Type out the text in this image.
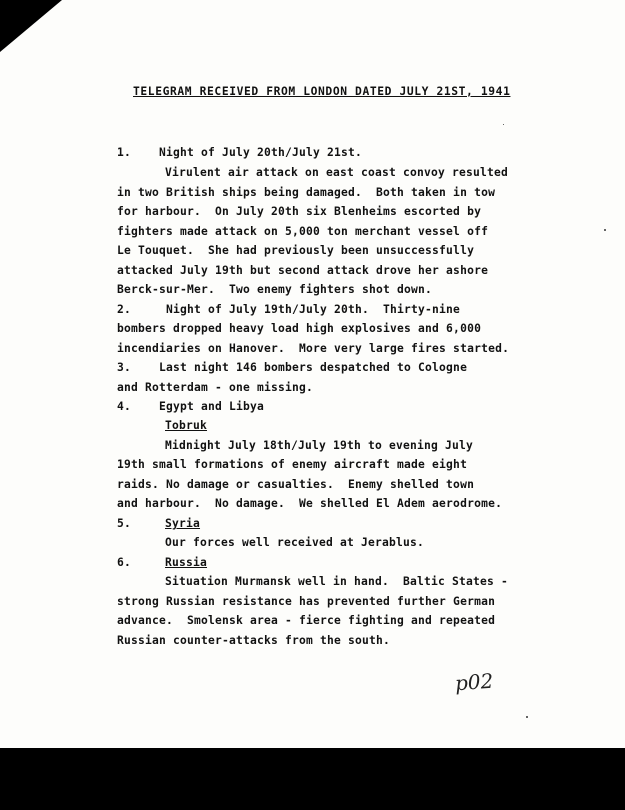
TELEGRAM RECEIVED FROM LONDON DATED JULY 21ST, 1941

1.    Night of July 20th/July 21st.

Virulent air attack on east coast convoy resulted

in two British ships being damaged.  Both taken in tow

for harbour.  On July 20th six Blenheims escorted by

fighters made attack on 5,000 ton merchant vessel off

Le Touquet.  She had previously been unsuccessfully

attacked July 19th but second attack drove her ashore

Berck-sur-Mer.  Two enemy fighters shot down.

2.     Night of July 19th/July 20th.  Thirty-nine

bombers dropped heavy load high explosives and 6,000

incendiaries on Hanover.  More very large fires started.

3.    Last night 146 bombers despatched to Cologne

and Rotterdam - one missing.

4.    Egypt and Libya

Tobruk

Midnight July 18th/July 19th to evening July

19th small formations of enemy aircraft made eight

raids. No damage or casualties.  Enemy shelled town

and harbour.  No damage.  We shelled El Adem aerodrome.

5.	Syria

Our forces well received at Jerablus.

6.	Russia

Situation Murmansk well in hand.  Baltic States -

strong Russian resistance has prevented further German

advance.  Smolensk area - fierce fighting and repeated

Russian counter-attacks from the south.

p02
